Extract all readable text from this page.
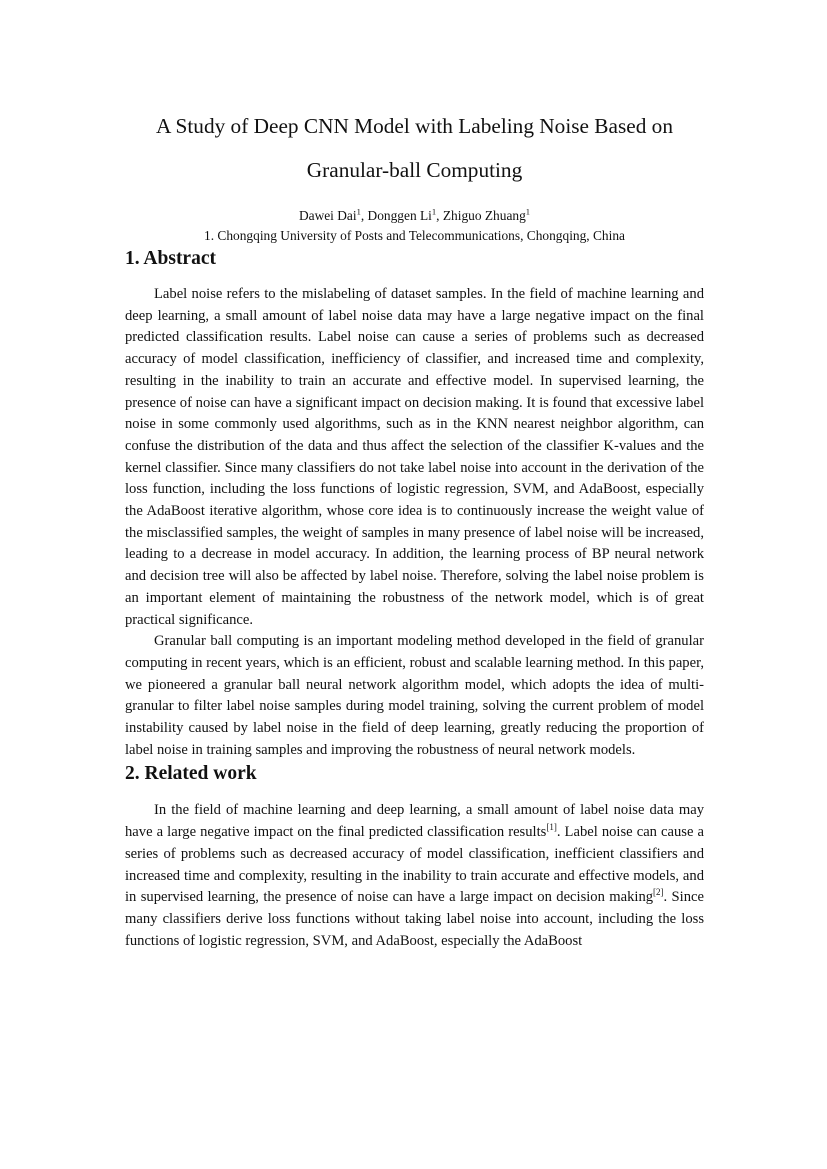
A Study of Deep CNN Model with Labeling Noise Based on
Granular-ball Computing
Dawei Dai$^1$, Donggen Li$^1$, Zhiguo Zhuang$^1$
1. Chongqing University of Posts and Telecommunications, Chongqing, China
1. Abstract

Label noise refers to the mislabeling of dataset samples. In the field of machine learning and deep learning, a small amount of label noise data may have a large negative impact on the final predicted classification results. Label noise can cause a series of problems such as decreased accuracy of model classification, inefficiency of classifier, and increased time and complexity, resulting in the inability to train an accurate and effective model. In supervised learning, the presence of noise can have a significant impact on decision making. It is found that excessive label noise in some commonly used algorithms, such as in the KNN nearest neighbor algorithm, can confuse the distribution of the data and thus affect the selection of the classifier K-values and the kernel classifier. Since many classifiers do not take label noise into account in the derivation of the loss function, including the loss functions of logistic regression, SVM, and AdaBoost, especially the AdaBoost iterative algorithm, whose core idea is to continuously increase the weight value of the misclassified samples, the weight of samples in many presence of label noise will be increased, leading to a decrease in model accuracy. In addition, the learning process of BP neural network and decision tree will also be affected by label noise. Therefore, solving the label noise problem is an important element of maintaining the robustness of the network model, which is of great practical significance.

Granular ball computing is an important modeling method developed in the field of granular computing in recent years, which is an efficient, robust and scalable learning method. In this paper, we pioneered a granular ball neural network algorithm model, which adopts the idea of multi-granular to filter label noise samples during model training, solving the current problem of model instability caused by label noise in the field of deep learning, greatly reducing the proportion of label noise in training samples and improving the robustness of neural network models.

2. Related work

In the field of machine learning and deep learning, a small amount of label noise data may have a large negative impact on the final predicted classification results[1]. Label noise can cause a series of problems such as decreased accuracy of model classification, inefficient classifiers and increased time and complexity, resulting in the inability to train accurate and effective models, and in supervised learning, the presence of noise can have a large impact on decision making[2]. Since many classifiers derive loss functions without taking label noise into account, including the loss functions of logistic regression, SVM, and AdaBoost, especially the AdaBoost
